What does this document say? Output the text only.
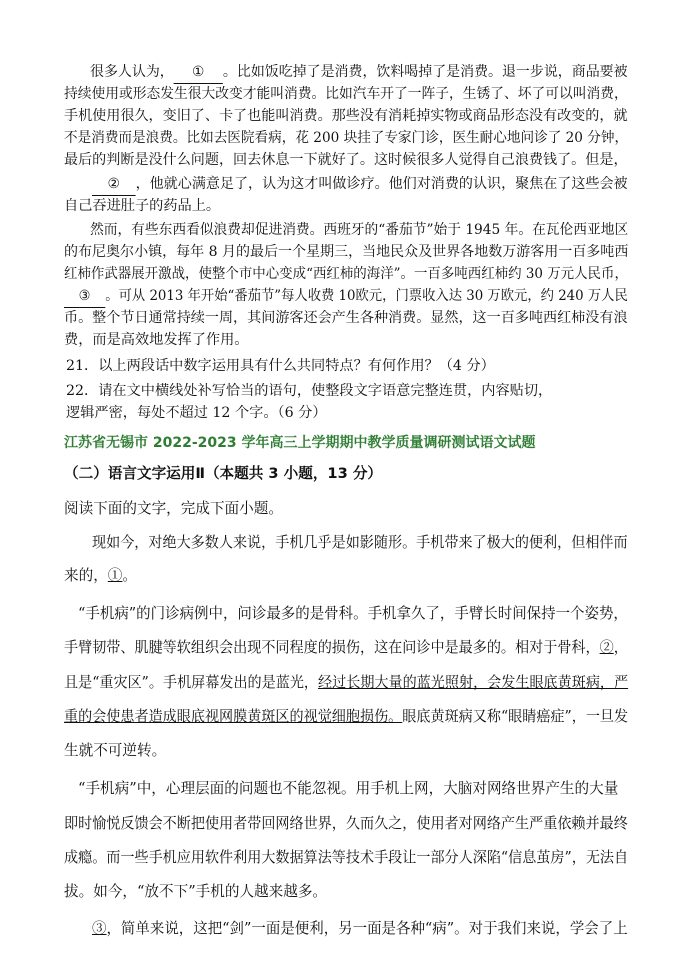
很多人认为， ① 。比如饭吃掉了是消费，饮料喝掉了是消费。退一步说，商品要被
持续使用或形态发生很大改变才能叫消费。比如汽车开了一阵子，生锈了、坏了可以叫消费，
手机使用很久，变旧了、卡了也能叫消费。那些没有消耗掉实物或商品形态没有改变的，就
不是消费而是浪费。比如去医院看病，花 200 块挂了专家门诊，医生耐心地问诊了 20 分钟，
最后的判断是没什么问题，回去休息一下就好了。这时候很多人觉得自己浪费钱了。但是，
② ，他就心满意足了，认为这才叫做诊疗。他们对消费的认识，聚焦在了这些会被
自己吞进肚子的药品上。
然而，有些东西看似浪费却促进消费。西班牙的“番茄节”始于 1945 年。在瓦伦西亚地区
的布尼奥尔小镇，每年 8 月的最后一个星期三，当地民众及世界各地数万游客用一百多吨西
红柿作武器展开激战，使整个市中心变成“西红柿的海洋”。一百多吨西红柿约 30 万元人民币，
③ 。可从 2013 年开始“番茄节”每人收费 10欧元，门票收入达 30 万欧元，约 240 万人民
币。整个节日通常持续一周，其间游客还会产生各种消费。显然，这一百多吨西红柿没有浪
费，而是高效地发挥了作用。
21．以上两段话中数字运用具有什么共同特点？有何作用？（4 分）
22．请在文中横线处补写恰当的语句，使整段文字语意完整连贯，内容贴切，
逻辑严密，每处不超过 12 个字。（6 分）
江苏省无锡市 2022-2023 学年高三上学期期中教学质量调研测试语文试题
（二）语言文字运用Ⅱ（本题共 3 小题，13 分）
阅读下面的文字，完成下面小题。
现如今，对绝大多数人来说，手机几乎是如影随形。手机带来了极大的便利，但相伴而
来的，①。
“手机病”的门诊病例中，问诊最多的是骨科。手机拿久了，手臂长时间保持一个姿势，
手臂韧带、肌腱等软组织会出现不同程度的损伤，这在问诊中是最多的。相对于骨科，②，
且是“重灾区”。手机屏幕发出的是蓝光，经过长期大量的蓝光照射，会发生眼底黄斑病，严
重的会使患者造成眼底视网膜黄斑区的视觉细胞损伤。眼底黄斑病又称“眼睛癌症”，一旦发
生就不可逆转。
“手机病”中，心理层面的问题也不能忽视。用手机上网，大脑对网络世界产生的大量
即时愉悦反馈会不断把使用者带回网络世界，久而久之，使用者对网络产生严重依赖并最终
成瘾。而一些手机应用软件利用大数据算法等技术手段让一部分人深陷“信息茧房”，无法自
拔。如今，“放不下”手机的人越来越多。
③，简单来说，这把“剑”一面是便利，另一面是各种“病”。对于我们来说，学会了上
